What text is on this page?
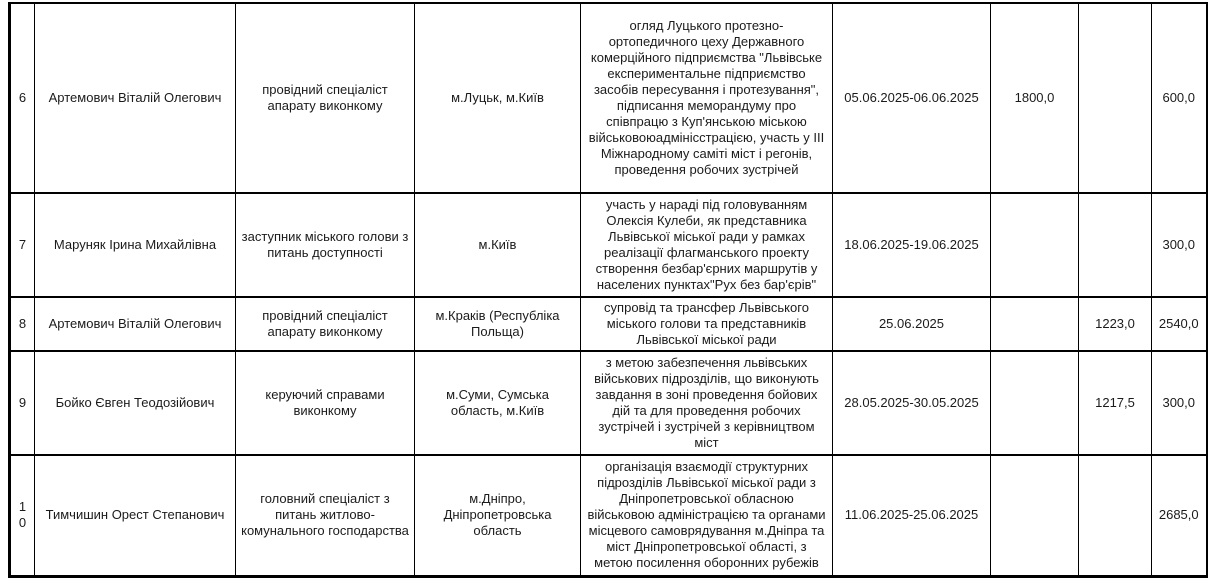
6	Артемович Віталій Олегович	провідний спеціаліст апарату виконкому	м.Луцьк, м.Київ	огляд Луцького протезно-ортопедичного цеху Державного комерційного підприємства "Львівське експериментальне підприємство засобів пересування і протезування", підписання меморандуму про співпрацю з Куп'янською міською військовоюадмінісстрацією, участь у ІІІ Міжнародному саміті міст і регонів, проведення робочих зустрічей	05.06.2025-06.06.2025	1800,0		600,0
7	Маруняк Ірина Михайлівна	заступник міського голови з питань доступності	м.Київ	участь у нараді під головуванням Олексія Кулеби, як представника Львівської міської ради у рамках реалізації флагманського проекту створення безбар'єрних маршрутів у населених пунктах"Рух без бар'єрів"	18.06.2025-19.06.2025			300,0
8	Артемович Віталій Олегович	провідний спеціаліст апарату виконкому	м.Краків (Республіка Польща)	супровід та трансфер Львівського міського голови та представників Львівської міської ради	25.06.2025		1223,0	2540,0
9	Бойко Євген Теодозійович	керуючий справами виконкому	м.Суми, Сумська область, м.Київ	з метою забезпечення львівських військових підрозділів, що виконують завдання в зоні проведення бойових дій та для проведення робочих зустрічей і зустрічей з керівництвом міст	28.05.2025-30.05.2025		1217,5	300,0
10	Тимчишин Орест Степанович	головний спеціаліст з питань житлово-комунального господарства	м.Дніпро, Дніпропетровська область	організація взаємодії структурних підрозділів Львівської міської ради з Дніпропетровської обласною військовою адміністрацією та органами місцевого самоврядування м.Дніпра та міст Дніпропетровської області, з метою посилення оборонних рубежів	11.06.2025-25.06.2025			2685,0
